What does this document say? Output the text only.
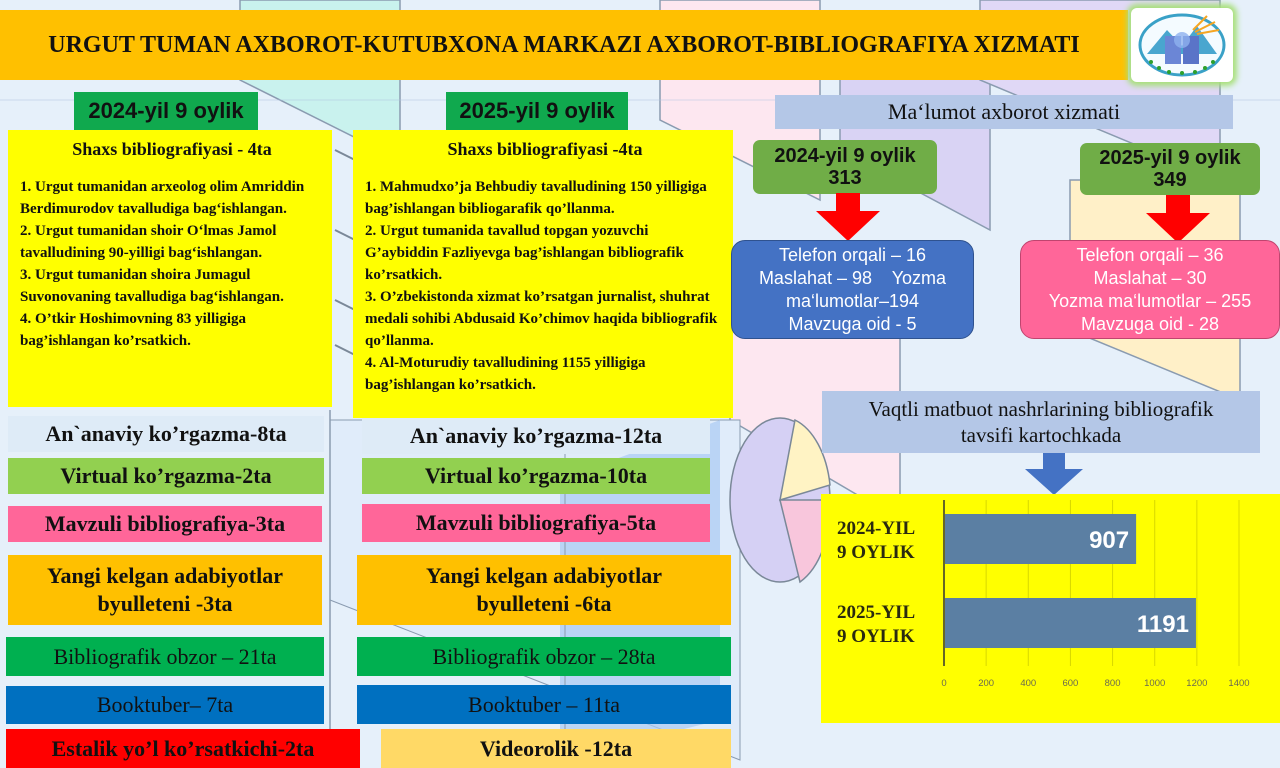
URGUT TUMAN AXBOROT-KUTUBXONA MARKAZI AXBOROT-BIBLIOGRAFIYA XIZMATI
2024-yil 9 oylik	2025-yil 9 oylik
Shaxs bibliografiyasi - 4ta
1. Urgut tumanidan arxeolog olim Amriddin Berdimurodov tavalludiga bag‘ishlangan.
2. Urgut tumanidan shoir O‘lmas Jamol tavalludining 90-yilligi bag‘ishlangan.
3. Urgut tumanidan shoira Jumagul Suvonovaning tavalludiga bag‘ishlangan.
4. O’tkir Hoshimovning 83 yilligiga bag’ishlangan ko’rsatkich.
Shaxs bibliografiyasi -4ta
1. Mahmudxo’ja Behbudiy tavalludining 150 yilligiga bag’ishlangan bibliogarafik qo’llanma.
2. Urgut tumanida tavallud topgan yozuvchi G’aybiddin Fazliyevga bag’ishlangan bibliografik ko’rsatkich.
3. O’zbekistonda xizmat ko’rsatgan jurnalist, shuhrat medali sohibi Abdusaid Ko’chimov haqida bibliografik qo’llanma.
4. Al-Moturudiy tavalludining 1155 yilligiga bag’ishlangan ko’rsatkich.
An`anaviy ko’rgazma-8ta
Virtual ko’rgazma-2ta
Mavzuli bibliografiya-3ta
Yangi kelgan adabiyotlar byulleteni -3ta
Bibliografik obzor – 21ta
Booktuber– 7ta
Estalik yo’l ko’rsatkichi-2ta
An`anaviy ko’rgazma-12ta
Virtual ko’rgazma-10ta
Mavzuli bibliografiya-5ta
Yangi kelgan adabiyotlar byulleteni -6ta
Bibliografik obzor – 28ta
Booktuber – 11ta
Videorolik -12ta
Ma‘lumot axborot xizmati
2024-yil 9 oylik
313
2025-yil 9 oylik
349
Telefon orqali – 16
Maslahat – 98    Yozma
ma‘lumotlar–194
Mavzuga oid - 5
Telefon orqali – 36
Maslahat – 30
Yozma ma‘lumotlar – 255
Mavzuga oid - 28
Vaqtli matbuot nashrlarining bibliografik tavsifi kartochkada
907
1191
2024-YIL
9 OYLIK
2025-YIL
9 OYLIK
0	200	400	600	800 1000 1200 1400
